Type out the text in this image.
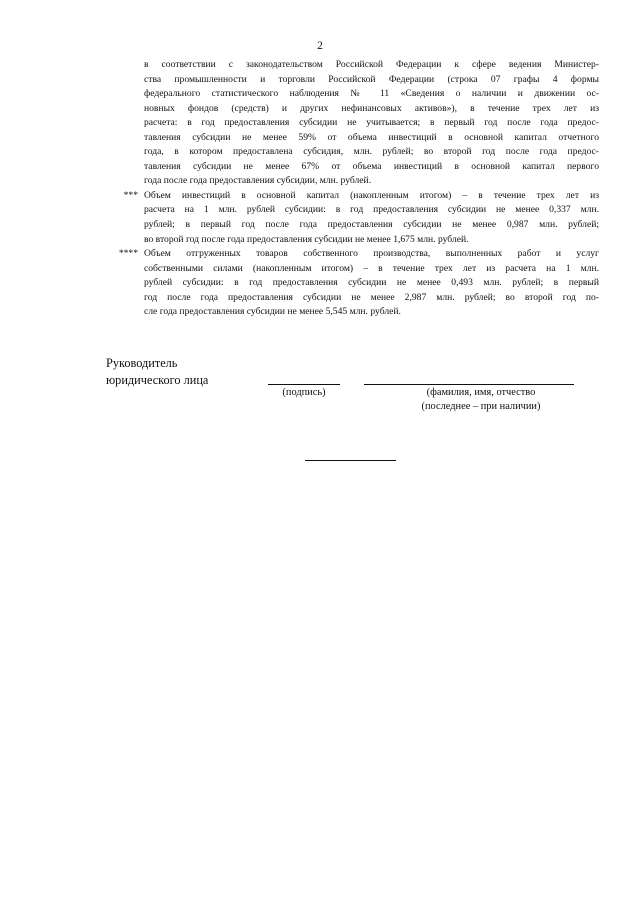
2

в соответствии с законодательством Российской Федерации к сфере ведения Министер-
ства промышленности и торговли Российской Федерации (строка 07 графы 4 формы
федерального статистического наблюдения № 11 «Сведения о наличии и движении ос-
новных фондов (средств) и других нефинансовых активов»), в течение трех лет из
расчета: в год предоставления субсидии не учитывается; в первый год после года предос-
тавления субсидии не менее 59% от объема инвестиций в основной капитал отчетного
года, в котором предоставлена субсидия, млн. рублей; во второй год после года предос-
тавления субсидии не менее 67% от объема инвестиций в основной капитал первого
года после года предоставления субсидии, млн. рублей.

*** Объем инвестиций в основной капитал (накопленным итогом) – в течение трех лет из
расчета на 1 млн. рублей субсидии: в год предоставления субсидии не менее 0,337 млн.
рублей; в первый год после года предоставления субсидии не менее 0,987 млн. рублей;
во второй год после года предоставления субсидии не менее 1,675 млн. рублей.

**** Объем отгруженных товаров собственного производства, выполненных работ и услуг
собственными силами (накопленным итогом) – в течение трех лет из расчета на 1 млн.
рублей субсидии: в год предоставления субсидии не менее 0,493 млн. рублей; в первый
год после года предоставления субсидии не менее 2,987 млн. рублей; во второй год по-
сле года предоставления субсидии не менее 5,545 млн. рублей.

Руководитель
юридического лица
(подпись)	(фамилия, имя, отчество
(последнее – при наличии)
